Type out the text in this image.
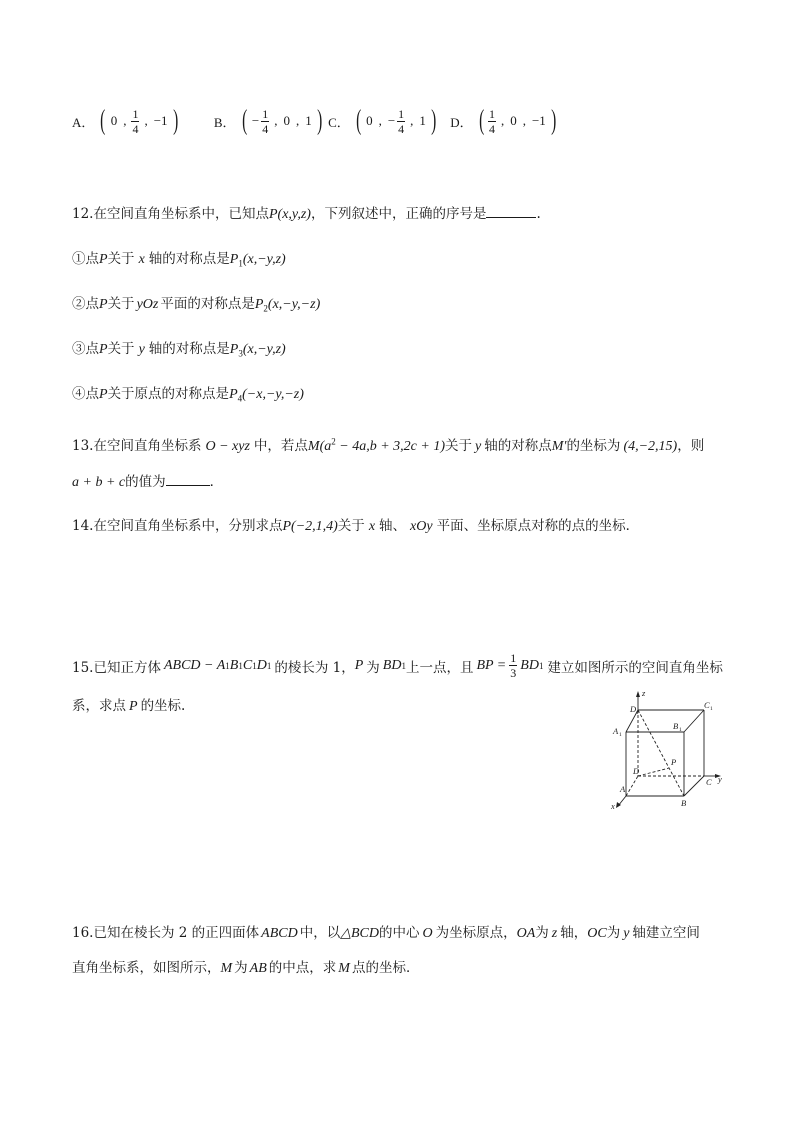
A． ( 0 , $\frac{1}{4}$ , −1 )	B． ( − $\frac{1}{4}$ , 0 , 1 ) C． ( 0 , − $\frac{1}{4}$ , 1 ) D． ( $\frac{1}{4}$ , 0 , −1 )
12.在空间直角坐标系中，已知点P(x,y,z)，下列叙述中，正确的序号是	.
①点P关于 x 轴的对称点是$P_1(x,-y,z)$
②点P关于 yOz 平面的对称点是$P_2(x,-y,-z)$
③点P关于 y 轴的对称点是$P_3(x,-y,z)$
④点P关于原点的对称点是$P_4(-x,-y,-z)$
13.在空间直角坐标系 O − xyz 中，若点$M(a^2 - 4a,b + 3,2c + 1)$关于 y 轴的对称点M′的坐标为 (4,−2,15)，则
a + b + c的值为	．
14.在空间直角坐标系中，分别求点P(−2,1,4)关于 x 轴、 xOy 平面、坐标原点对称的点的坐标．
15.已知正方体 ABCD − A 1 B 1 C 1 D 1 的棱长为 1， P 为 BD 1 上一点，且 BP = $\frac{1}{3}$ BD 1 建立如图所示的空间直角坐标
系，求点 P 的坐标.
z
y
x
D 1
C 1
A 1
B 1
D
C
A
B
P
16.已知在棱长为 2 的正四面体 ABCD 中，以△BCD的中心 O 为坐标原点，OA为 z 轴，OC为 y 轴建立空间
直角坐标系，如图所示，M 为 AB 的中点，求 M 点的坐标．
